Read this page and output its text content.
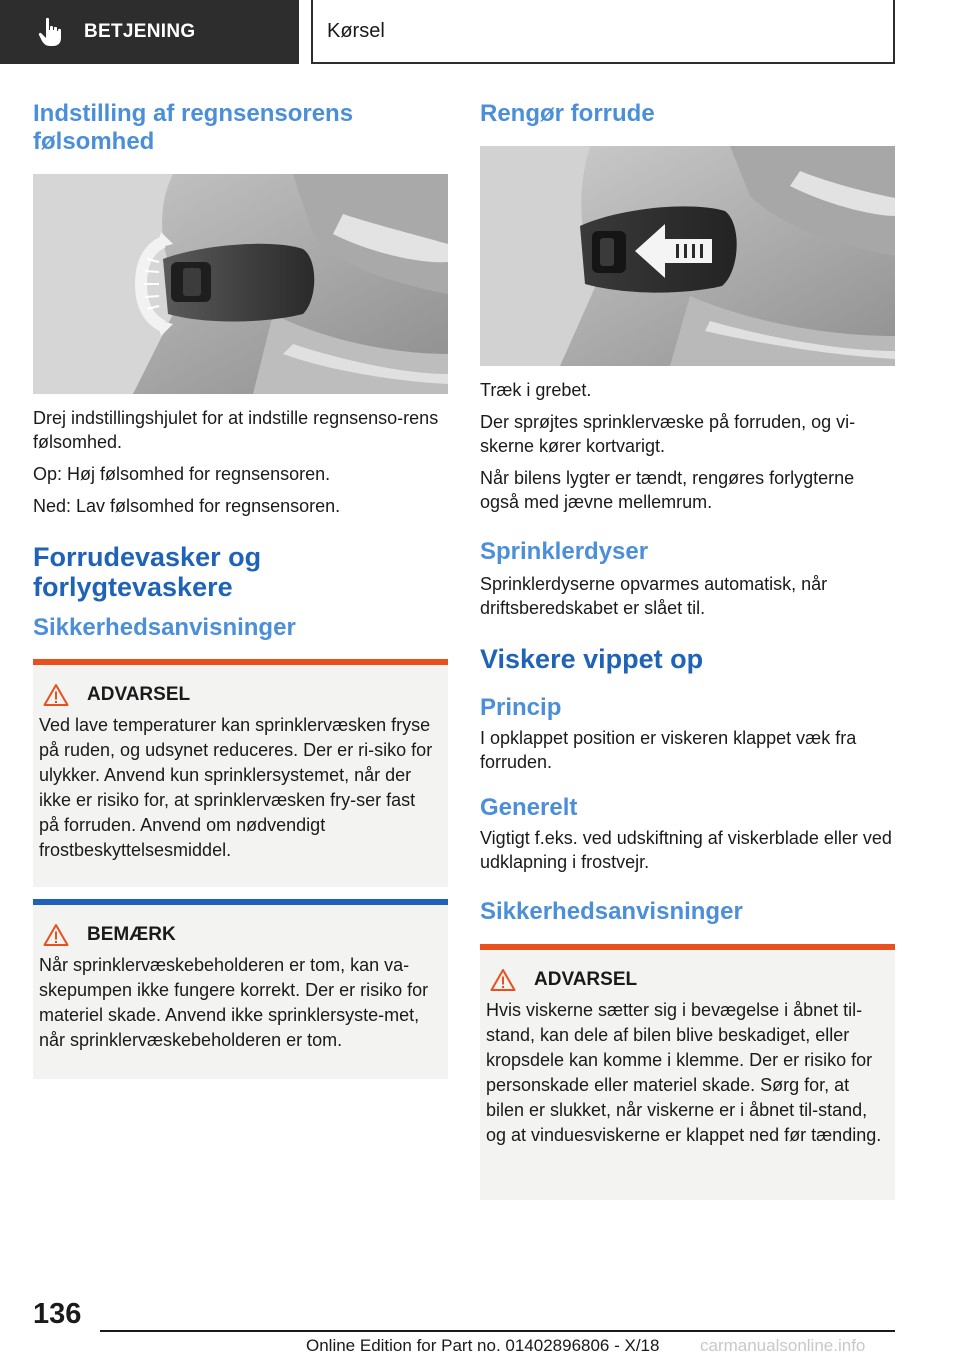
BETJENING	Kørsel
Indstilling af regnsensorens følsomhed

Drej indstillingshjulet for at indstille regnsenso-rens følsomhed.

Op: Høj følsomhed for regnsensoren.

Ned: Lav følsomhed for regnsensoren.

Forrudevasker og forlygtevaskere
Sikkerhedsanvisninger
ADVARSEL

Ved lave temperaturer kan sprinklervæsken fryse på ruden, og udsynet reduceres. Der er ri-siko for ulykker. Anvend kun sprinklersystemet, når der ikke er risiko for, at sprinklervæsken fry-ser fast på forruden. Anvend om nødvendigt frostbeskyttelsesmiddel.

BEMÆRK

Når sprinklervæskebeholderen er tom, kan va-skepumpen ikke fungere korrekt. Der er risiko for materiel skade. Anvend ikke sprinklersyste-met, når sprinklervæskebeholderen er tom.

Rengør forrude

Træk i grebet.

Der sprøjtes sprinklervæske på forruden, og vi-skerne kører kortvarigt.

Når bilens lygter er tændt, rengøres forlygterne også med jævne mellemrum.

Sprinklerdyser

Sprinklerdyserne opvarmes automatisk, når driftsberedskabet er slået til.

Viskere vippet op
Princip

I opklappet position er viskeren klappet væk fra forruden.

Generelt

Vigtigt f.eks. ved udskiftning af viskerblade eller ved udklapning i frostvejr.

Sikkerhedsanvisninger
ADVARSEL

Hvis viskerne sætter sig i bevægelse i åbnet til-stand, kan dele af bilen blive beskadiget, eller kropsdele kan komme i klemme. Der er risiko for personskade eller materiel skade. Sørg for, at bilen er slukket, når viskerne er i åbnet til-stand, og at vinduesviskerne er klappet ned før tænding.

136
Online Edition for Part no. 01402896806 - X/18 carmanualsonline.info
